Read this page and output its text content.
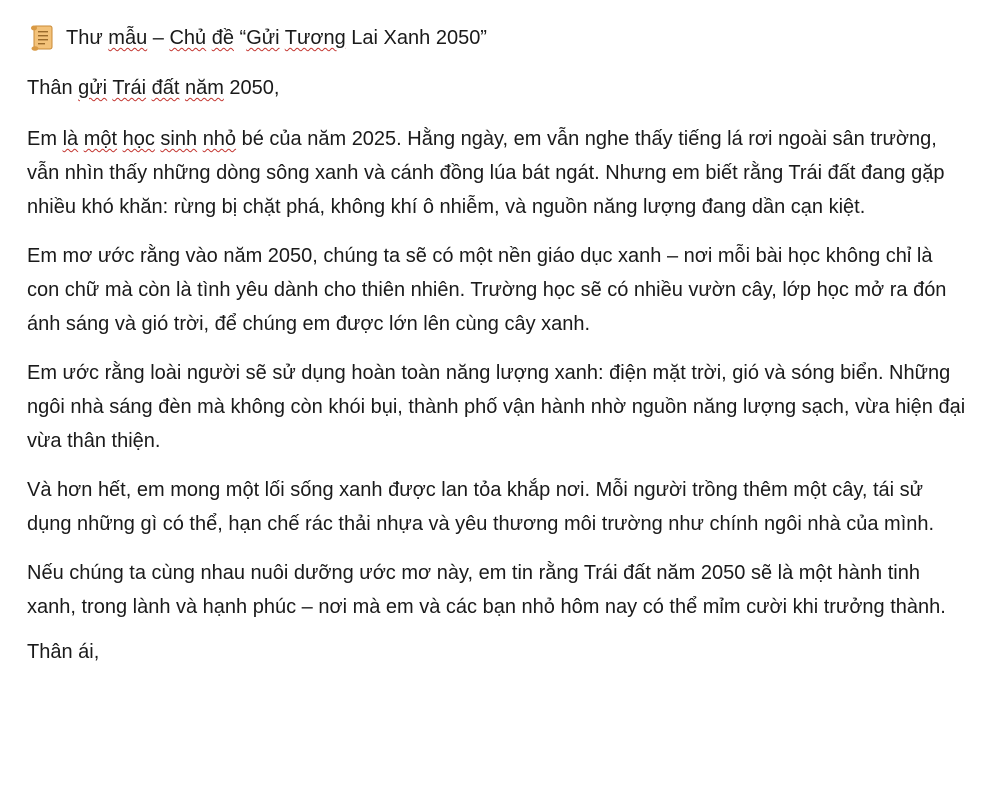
Thư mẫu – Chủ đề “Gửi Tương Lai Xanh 2050”

Thân gửi Trái đất năm 2050,

Em là một học sinh nhỏ bé của năm 2025. Hằng ngày, em vẫn nghe thấy tiếng lá rơi ngoài sân trường, vẫn nhìn thấy những dòng sông xanh và cánh đồng lúa bát ngát. Nhưng em biết rằng Trái đất đang gặp nhiều khó khăn: rừng bị chặt phá, không khí ô nhiễm, và nguồn năng lượng đang dần cạn kiệt.

Em mơ ước rằng vào năm 2050, chúng ta sẽ có một nền giáo dục xanh – nơi mỗi bài học không chỉ là con chữ mà còn là tình yêu dành cho thiên nhiên. Trường học sẽ có nhiều vườn cây, lớp học mở ra đón ánh sáng và gió trời, để chúng em được lớn lên cùng cây xanh.

Em ước rằng loài người sẽ sử dụng hoàn toàn năng lượng xanh: điện mặt trời, gió và sóng biển. Những ngôi nhà sáng đèn mà không còn khói bụi, thành phố vận hành nhờ nguồn năng lượng sạch, vừa hiện đại vừa thân thiện.

Và hơn hết, em mong một lối sống xanh được lan tỏa khắp nơi. Mỗi người trồng thêm một cây, tái sử dụng những gì có thể, hạn chế rác thải nhựa và yêu thương môi trường như chính ngôi nhà của mình.

Nếu chúng ta cùng nhau nuôi dưỡng ước mơ này, em tin rằng Trái đất năm 2050 sẽ là một hành tinh xanh, trong lành và hạnh phúc – nơi mà em và các bạn nhỏ hôm nay có thể mỉm cười khi trưởng thành.

Thân ái,
